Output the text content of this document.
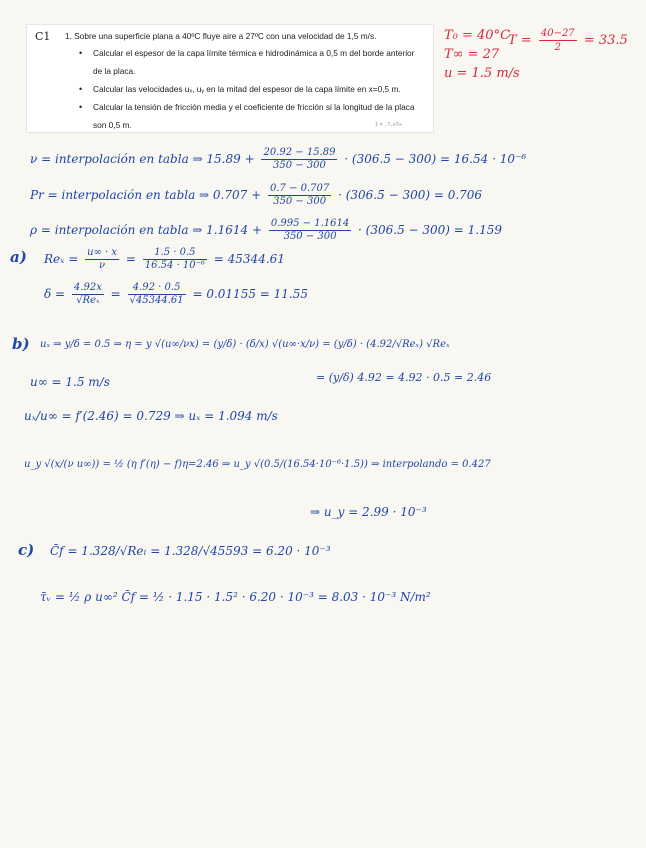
C1 1. Sobre una superficie plana a 40ºC fluye aire a 27ºC con una velocidad de 1,5 m/s.
•	Calcular el espesor de la capa límite térmica e hidrodinámica a 0,5 m del borde anterior
de la placa.
•	Calcular las velocidades uₓ, uᵧ en la mitad del espesor de la capa límite en x=0,5 m.
•	Calcular la tensión de fricción media y el coeficiente de fricción si la longitud de la placa
son 0,5 m.	1 ∓ , T₀+T∞
T₀ = 40°C
T∞ = 27
u = 1.5 m/s
$T = \frac{40-27}{2} = 33.5$
ν = interpolación en tabla ⇒ $15.89 + \frac{20.92 - 15.89}{350 - 300} \cdot (306.5 - 300) = 16.54 \cdot 10^{-6}$
Pr = interpolación en tabla ⇒ $0.707 + \frac{0.7 - 0.707}{350 - 300} \cdot (306.5 - 300) = 0.706$
ρ = interpolación en tabla ⇒ $1.1614 + \frac{0.995 - 1.1614}{350 - 300} \cdot (306.5 - 300) = 1.159$
a) $Re_x = \frac{u\infty \cdot x}{\nu} = \frac{1.5 \cdot 0.5}{\text{16.54 · 10⁻⁶}} = 45344.61$
$\delta = \frac{4.92x}{\text{√Reₓ}} = \frac{4.92 \cdot 0.5}{√45344.61} = 0.01155 = 11.55$
b) uₓ ⇒ y/δ = 0.5 ⇒ η = y √(u∞/νx) = (y/δ) · (δ/x) √(u∞·x/ν) = (y/δ) · (4.92/√Reₓ) √Reₓ
= (y/δ) 4.92 = 4.92 · 0.5 = 2.46
u∞ = 1.5 m/s
uₓ/u∞ = f′(2.46) = 0.729 ⇒ uₓ = 1.094 m/s
u_y √(x/(ν u∞)) = ½ (η f′(η) − f)η=2.46 ⇒ u_y √(0.5/(16.54·10⁻⁶·1.5)) ⇒ interpolando = 0.427
⇒ u_y = 2.99 · 10⁻³
c) C̄f = 1.328/√Reₗ = 1.328/√45593 = 6.20 · 10⁻³
τ̄ᵥ = ½ ρ u∞² C̄f = ½ · 1.15 · 1.5² · 6.20 · 10⁻³ = 8.03 · 10⁻³ N/m²
